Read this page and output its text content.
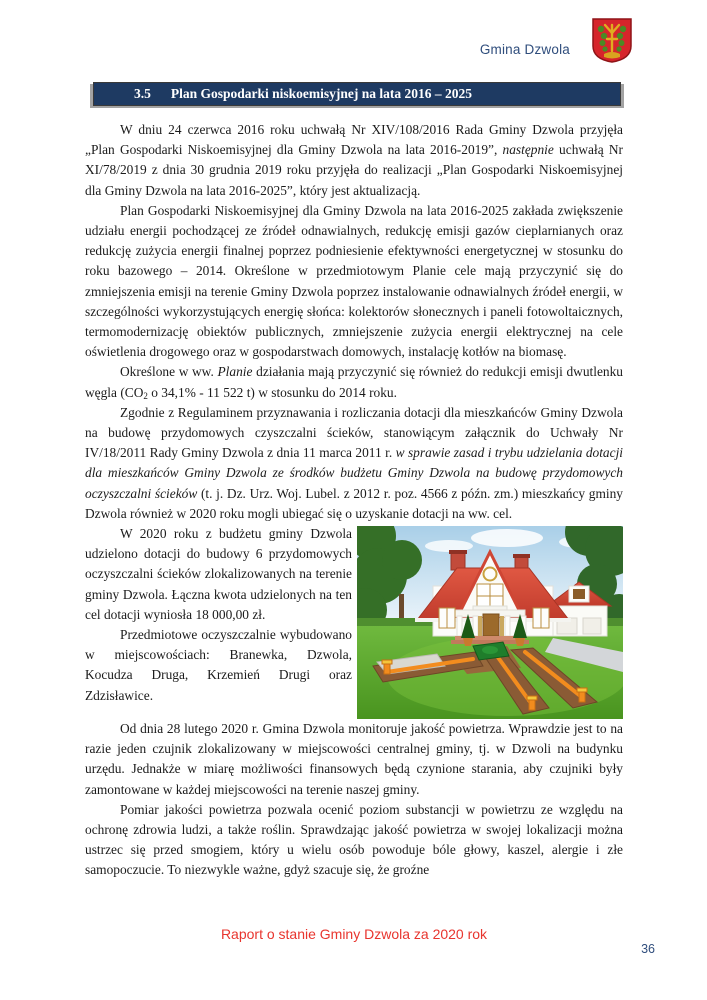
Gmina Dzwola
3.5 Plan Gospodarki niskoemisyjnej na lata 2016 – 2025

W dniu 24 czerwca 2016 roku uchwałą Nr XIV/108/2016 Rada Gminy Dzwola przyjęła „Plan Gospodarki Niskoemisyjnej dla Gminy Dzwola na lata 2016-2019”, następnie uchwałą Nr XI/78/2019 z dnia 30 grudnia 2019 roku przyjęła do realizacji „Plan Gospodarki Niskoemisyjnej dla Gminy Dzwola na lata 2016-2025”, który jest aktualizacją.

Plan Gospodarki Niskoemisyjnej dla Gminy Dzwola na lata 2016-2025 zakłada zwiększenie udziału energii pochodzącej ze źródeł odnawialnych, redukcję emisji gazów cieplarnianych oraz redukcję zużycia energii finalnej poprzez podniesienie efektywności energetycznej w stosunku do roku bazowego – 2014. Określone w przedmiotowym Planie cele mają przyczynić się do zmniejszenia emisji na terenie Gminy Dzwola poprzez instalowanie odnawialnych źródeł energii, w szczególności wykorzystujących energię słońca: kolektorów słonecznych i paneli fotowoltaicznych, termomodernizację obiektów publicznych, zmniejszenie zużycia energii elektrycznej na cele oświetlenia drogowego oraz w gospodarstwach domowych, instalację kotłów na biomasę.

Określone w ww. Planie działania mają przyczynić się również do redukcji emisji dwutlenku węgla ($CO_2$ o 34,1% - 11 522 t) w stosunku do 2014 roku.

Zgodnie z Regulaminem przyznawania i rozliczania dotacji dla mieszkańców Gminy Dzwola na budowę przydomowych czyszczalni ścieków, stanowiącym załącznik do Uchwały Nr IV/18/2011 Rady Gminy Dzwola z dnia 11 marca 2011 r. w sprawie zasad i trybu udzielania dotacji dla mieszkańców Gminy Dzwola ze środków budżetu Gminy Dzwola na budowę przydomowych oczyszczalni ścieków (t. j. Dz. Urz. Woj. Lubel. z 2012 r. poz. 4566 z późn. zm.) mieszkańcy gminy Dzwola również w 2020 roku mogli ubiegać się o uzyskanie dotacji na ww. cel.

W 2020 roku z budżetu gminy Dzwola udzielono dotacji do budowy 6 przydomowych oczyszczalni ścieków zlokalizowanych na terenie gminy Dzwola. Łączna kwota udzielonych na ten cel dotacji wyniosła 18 000,00 zł.

Przedmiotowe oczyszczalnie wybudowano w miejscowościach: Branewka, Dzwola, Kocudza Druga, Krzemień Drugi oraz Zdzisławice.

Od dnia 28 lutego 2020 r. Gmina Dzwola monitoruje jakość powietrza. Wprawdzie jest to na razie jeden czujnik zlokalizowany w miejscowości centralnej gminy, tj. w Dzwoli na budynku urzędu. Jednakże w miarę możliwości finansowych będą czynione starania, aby czujniki były zamontowane w każdej miejscowości na terenie naszej gminy.

Pomiar jakości powietrza pozwala ocenić poziom substancji w powietrzu ze względu na ochronę zdrowia ludzi, a także roślin. Sprawdzając jakość powietrza w swojej lokalizacji można ustrzec się przed smogiem, który u wielu osób powoduje bóle głowy, kaszel, alergie i złe samopoczucie. To niezwykle ważne, gdyż szacuje się, że groźne

Raport o stanie Gminy Dzwola za 2020 rok
36
